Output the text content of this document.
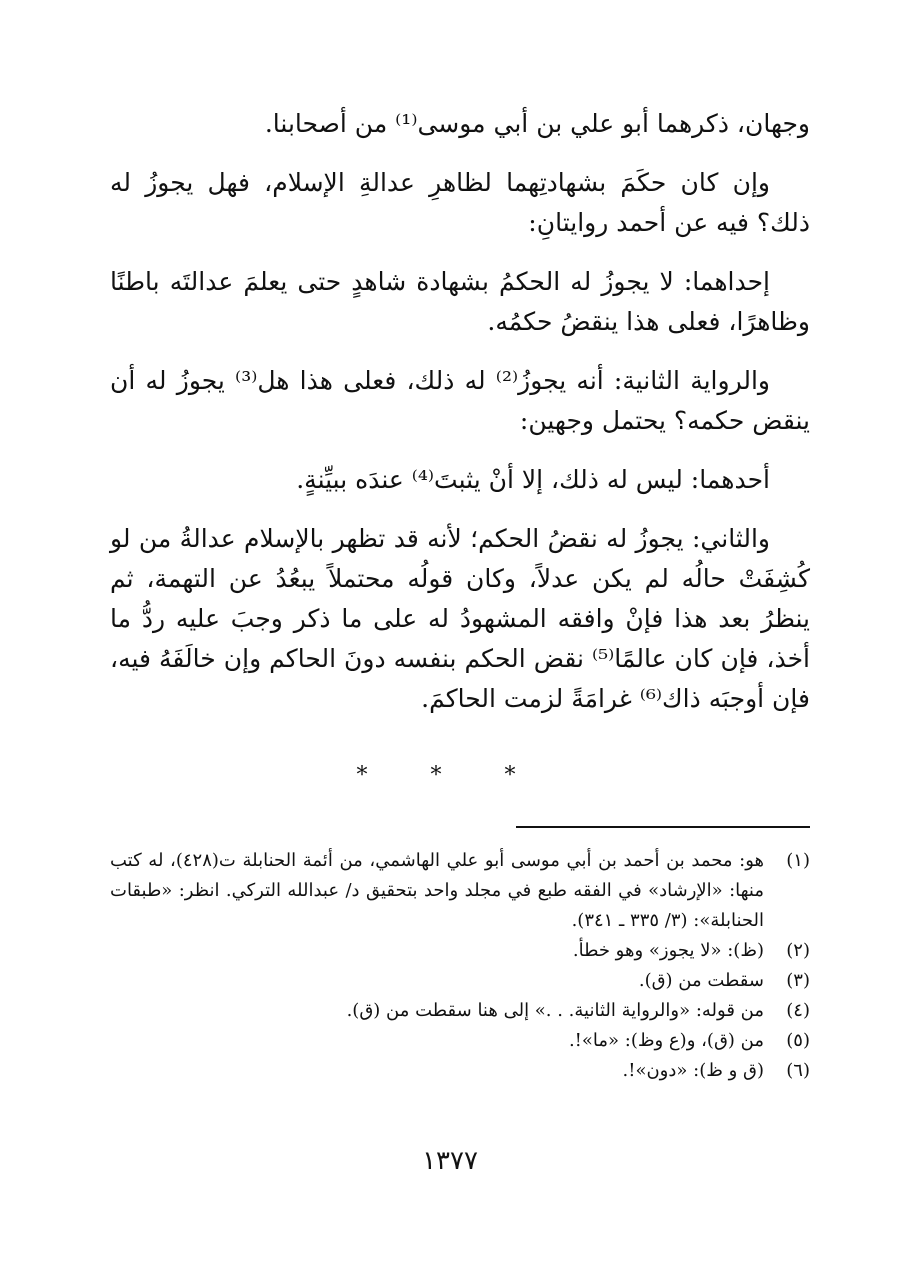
وجهان، ذكرهما أبو علي بن أبي موسى⁽¹⁾ من أصحابنا.

وإن كان حكَمَ بشهادتِهما لظاهرِ عدالةِ الإسلام، فهل يجوزُ له ذلك؟ فيه عن أحمد روايتانِ:

إحداهما: لا يجوزُ له الحكمُ بشهادة شاهدٍ حتى يعلمَ عدالتَه باطنًا وظاهرًا، فعلى هذا ينقضُ حكمُه.

والرواية الثانية: أنه يجوزُ⁽²⁾ له ذلك، فعلى هذا هل⁽³⁾ يجوزُ له أن ينقض حكمه؟ يحتمل وجهين:

أحدهما: ليس له ذلك، إلا أنْ يثبتَ⁽⁴⁾ عندَه ببيِّنةٍ.

والثاني: يجوزُ له نقضُ الحكم؛ لأنه قد تظهر بالإسلام عدالةُ من لو كُشِفَتْ حالُه لم يكن عدلاً، وكان قولُه محتملاً يبعُدُ عن التهمة، ثم ينظرُ بعد هذا فإنْ وافقه المشهودُ له على ما ذكر وجبَ عليه ردُّ ما أخذ، فإن كان عالمًا⁽⁵⁾ نقض الحكم بنفسه دونَ الحاكم وإن خالَفَهُ فيه، فإن أوجبَه ذاك⁽⁶⁾ غرامَةً لزمت الحاكمَ.

* * *
(١)
هو: محمد بن أحمد بن أبي موسى أبو علي الهاشمي، من أئمة الحنابلة ت(٤٢٨)، له كتب منها: «الإرشاد» في الفقه طبع في مجلد واحد بتحقيق د/ عبدالله التركي. انظر: «طبقات الحنابلة»: (٣/ ٣٣٥ ـ ٣٤١).
(٢)
(ظ): «لا يجوز» وهو خطأ.
(٣)
سقطت من (ق).
(٤)
من قوله: «والرواية الثانية. . .» إلى هنا سقطت من (ق).
(٥)
من (ق)، و(ع وظ): «ما»!.
(٦)
(ق و ظ): «دون»!.
١٣٧٧
